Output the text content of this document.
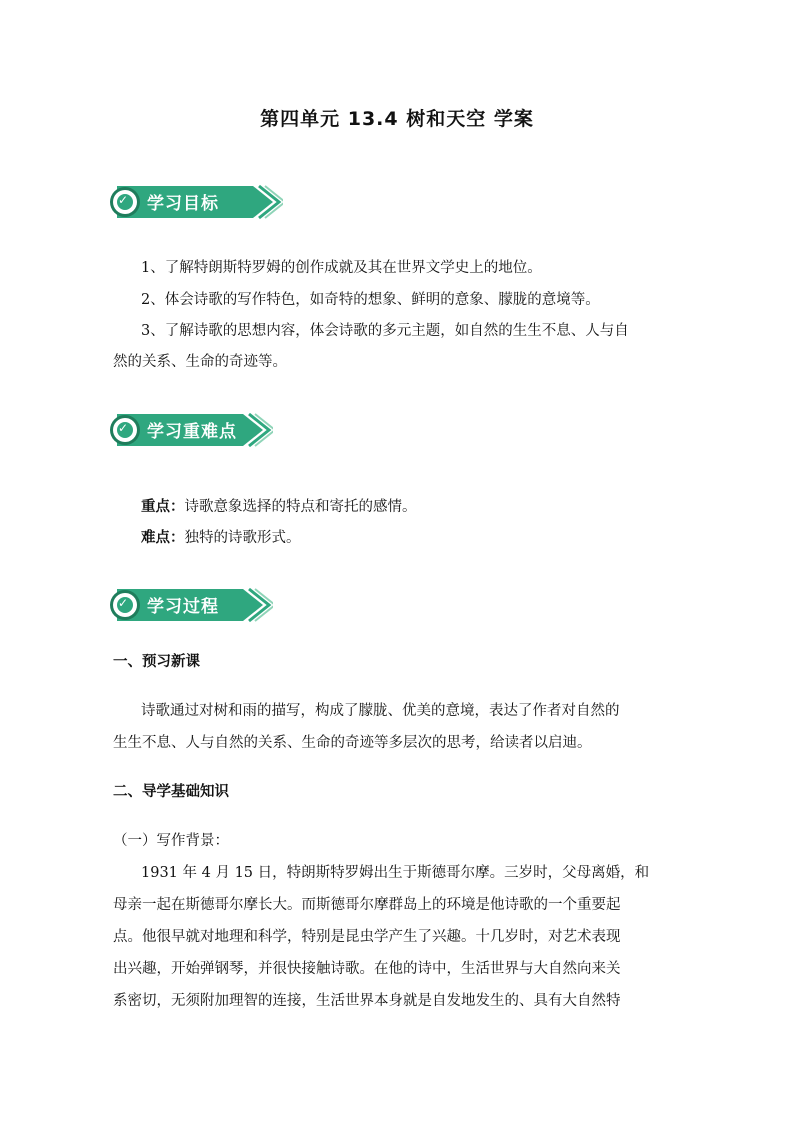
第四单元 13.4 树和天空 学案
✓ 学习目标
1、了解特朗斯特罗姆的创作成就及其在世界文学史上的地位。
2、体会诗歌的写作特色，如奇特的想象、鲜明的意象、朦胧的意境等。
3、了解诗歌的思想内容，体会诗歌的多元主题，如自然的生生不息、人与自
然的关系、生命的奇迹等。
✓ 学习重难点
重点：诗歌意象选择的特点和寄托的感情。
难点：独特的诗歌形式。
✓ 学习过程
一、预习新课
诗歌通过对树和雨的描写，构成了朦胧、优美的意境，表达了作者对自然的
生生不息、人与自然的关系、生命的奇迹等多层次的思考，给读者以启迪。
二、导学基础知识
（一）写作背景：
1931 年 4 月 15 日，特朗斯特罗姆出生于斯德哥尔摩。三岁时，父母离婚，和
母亲一起在斯德哥尔摩长大。而斯德哥尔摩群岛上的环境是他诗歌的一个重要起
点。他很早就对地理和科学，特别是昆虫学产生了兴趣。十几岁时，对艺术表现
出兴趣，开始弹钢琴，并很快接触诗歌。在他的诗中，生活世界与大自然向来关
系密切，无须附加理智的连接，生活世界本身就是自发地发生的、具有大自然特
